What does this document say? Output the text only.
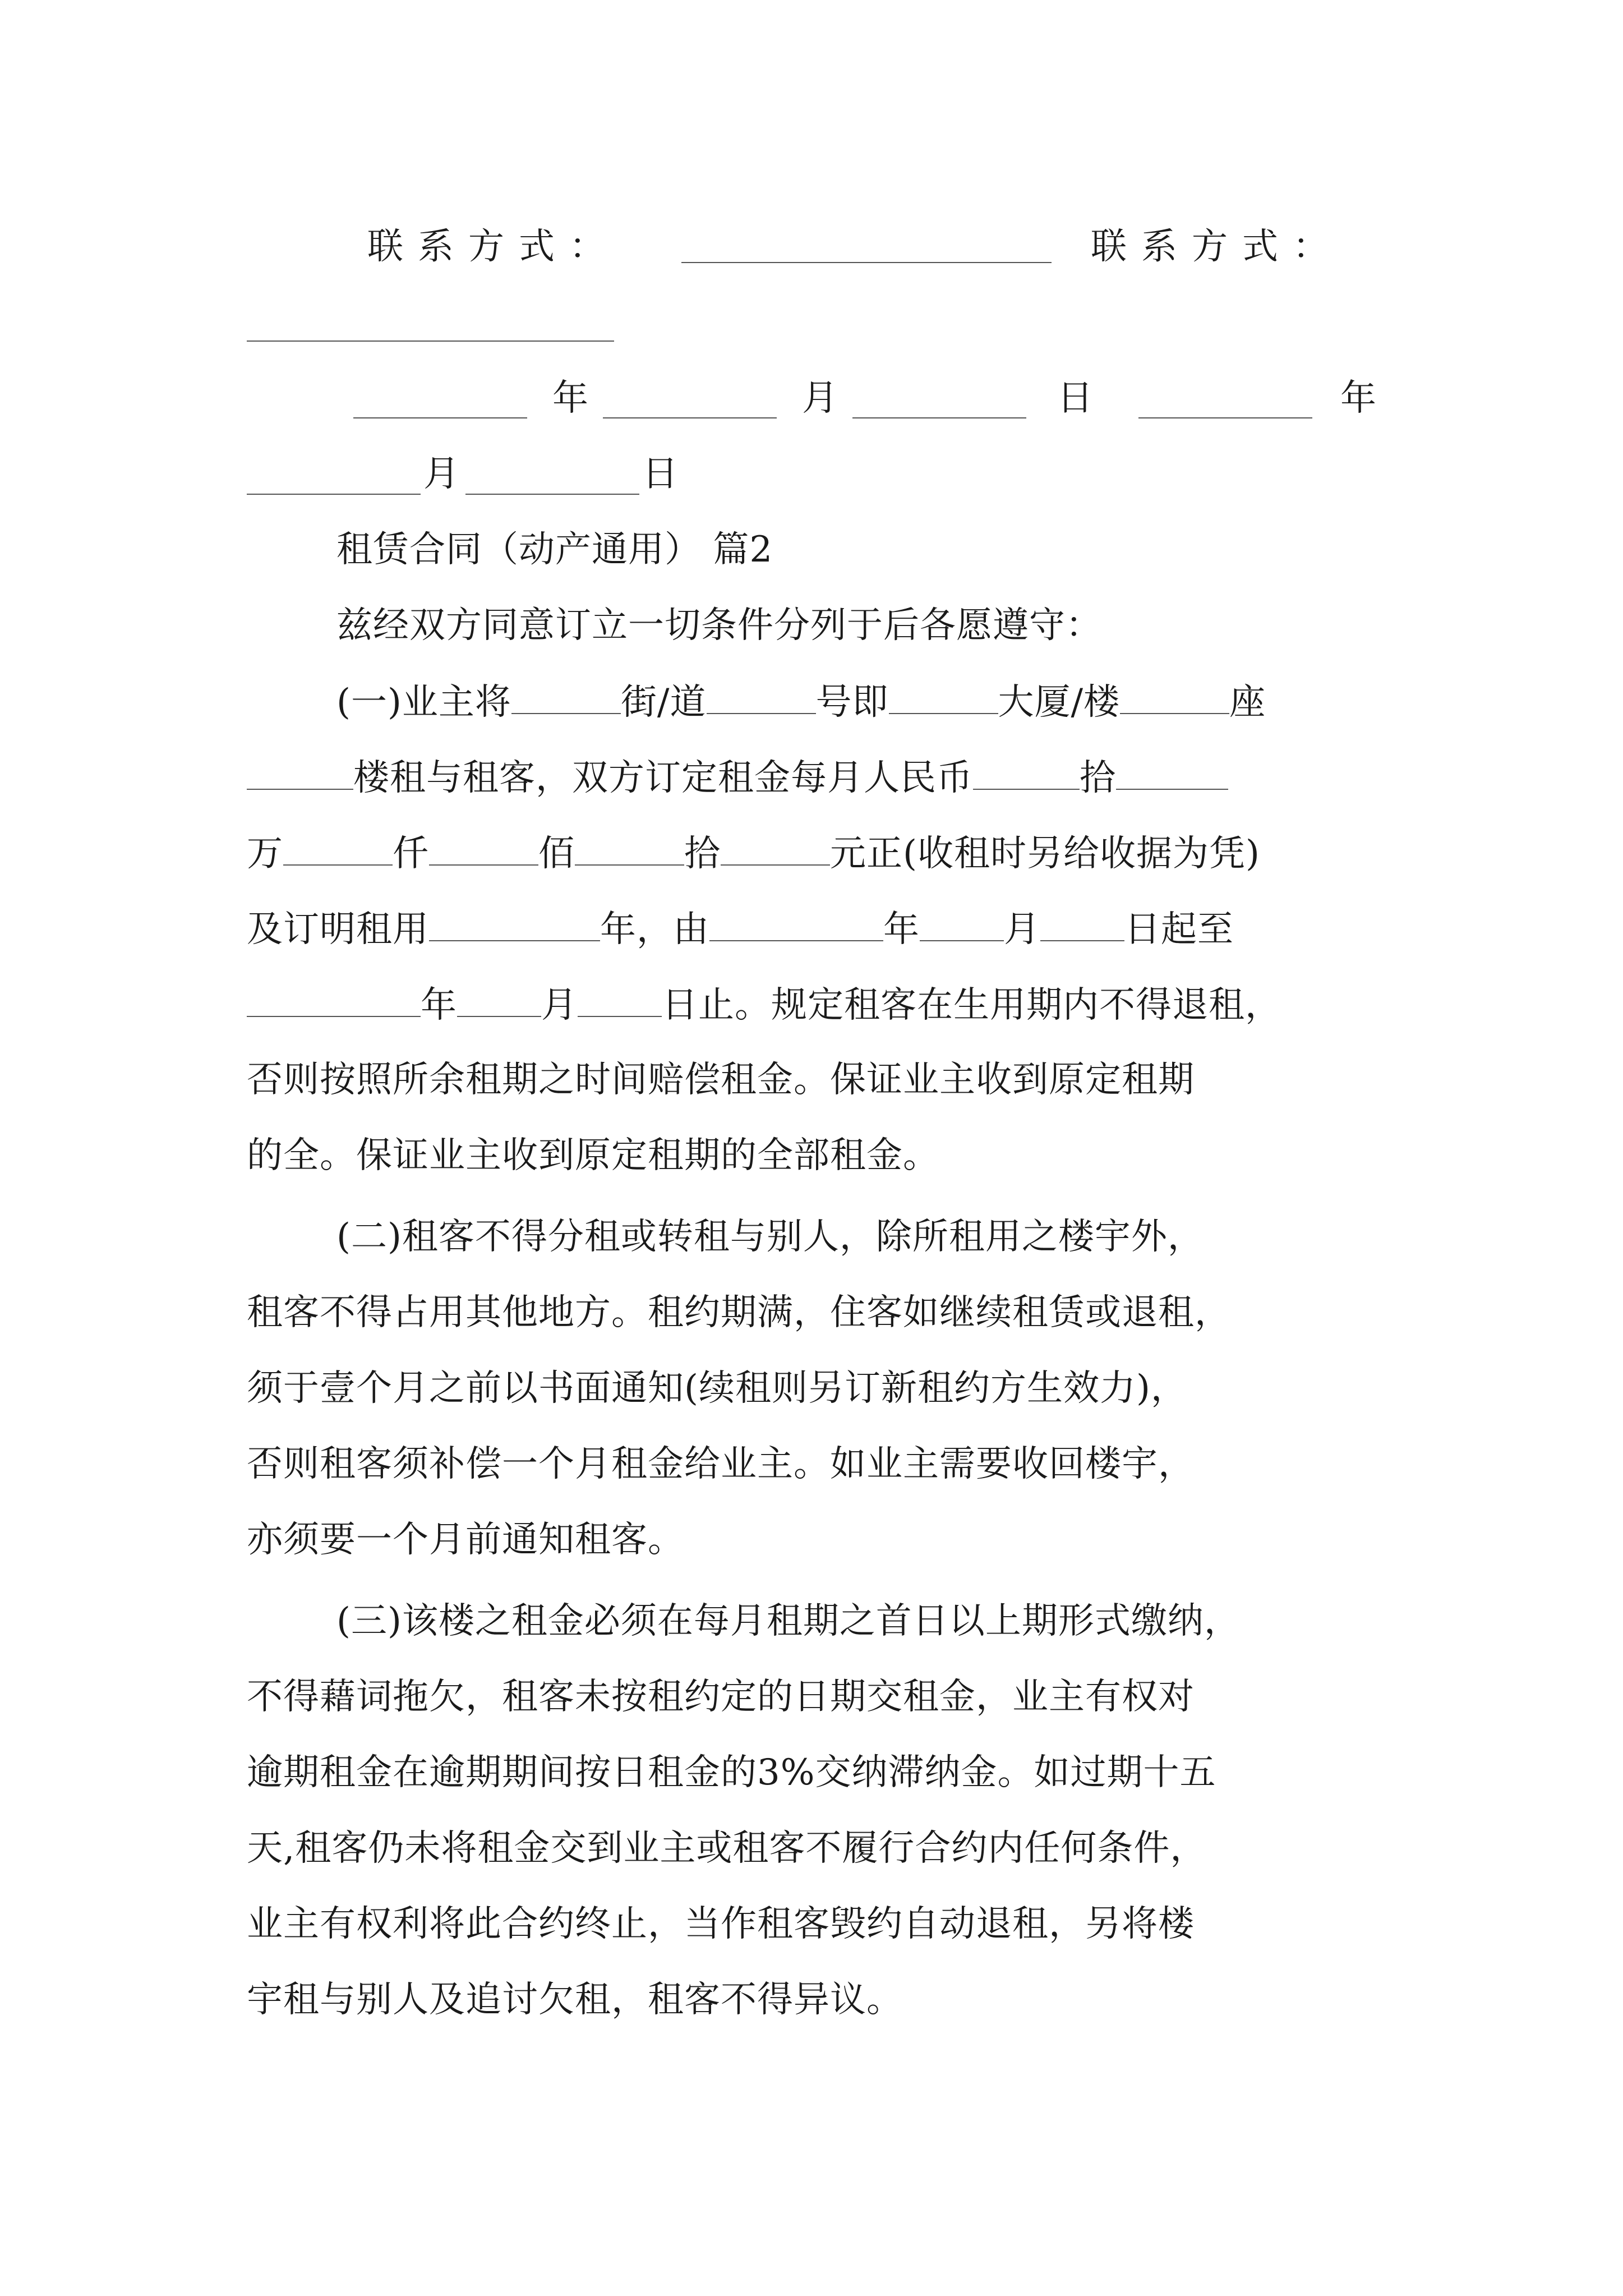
联系方式：	联系方式：
年	月	日	年
月	日
租赁合同（动产通用） 篇2
兹经双方同意订立一切条件分列于后各愿遵守：
(一)业主将	街/道	号即	大厦/楼	座
楼租与租客，双方订定租金每月人民币	拾
万	仟	佰	拾	元正(收租时另给收据为凭)
及订明租用	年，由	年 月 日起至
年 月 日止。规定租客在生用期内不得退租，
否则按照所余租期之时间赔偿租金。保证业主收到原定租期
的全。保证业主收到原定租期的全部租金。
(二)租客不得分租或转租与别人，除所租用之楼宇外，
租客不得占用其他地方。租约期满，住客如继续租赁或退租，
须于壹个月之前以书面通知(续租则另订新租约方生效力)，
否则租客须补偿一个月租金给业主。如业主需要收回楼宇，
亦须要一个月前通知租客。
(三)该楼之租金必须在每月租期之首日以上期形式缴纳，
不得藉词拖欠，租客未按租约定的日期交租金，业主有权对
逾期租金在逾期期间按日租金的3%交纳滞纳金。如过期十五
天,租客仍未将租金交到业主或租客不履行合约内任何条件，
业主有权利将此合约终止，当作租客毁约自动退租，另将楼
宇租与别人及追讨欠租，租客不得异议。
